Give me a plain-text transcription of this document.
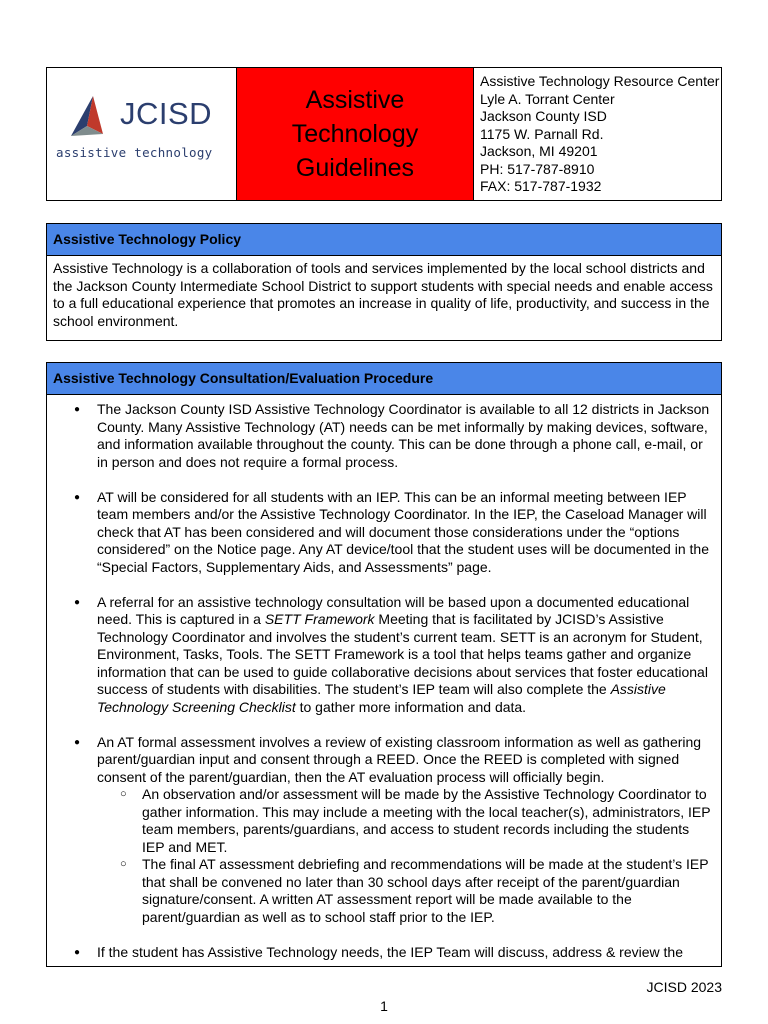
JCISD
assistive technology
Assistive
Technology
Guidelines
Assistive Technology Resource Center
Lyle A. Torrant Center
Jackson County ISD
1175 W. Parnall Rd.
Jackson, MI 49201
PH: 517-787-8910
FAX: 517-787-1932
Assistive Technology Policy
Assistive Technology is a collaboration of tools and services implemented by the local school districts and the Jackson County Intermediate School District to support students with special needs and enable access to a full educational experience that promotes an increase in quality of life, productivity, and success in the school environment.
Assistive Technology Consultation/Evaluation Procedure
● The Jackson County ISD Assistive Technology Coordinator is available to all 12 districts in Jackson County. Many Assistive Technology (AT) needs can be met informally by making devices, software, and information available throughout the county. This can be done through a phone call, e-mail, or in person and does not require a formal process.
● AT will be considered for all students with an IEP. This can be an informal meeting between IEP team members and/or the Assistive Technology Coordinator. In the IEP, the Caseload Manager will check that AT has been considered and will document those considerations under the “options considered” on the Notice page. Any AT device/tool that the student uses will be documented in the “Special Factors, Supplementary Aids, and Assessments” page.
● A referral for an assistive technology consultation will be based upon a documented educational need. This is captured in a SETT Framework Meeting that is facilitated by JCISD’s Assistive Technology Coordinator and involves the student’s current team. SETT is an acronym for Student, Environment, Tasks, Tools. The SETT Framework is a tool that helps teams gather and organize information that can be used to guide collaborative decisions about services that foster educational success of students with disabilities. The student’s IEP team will also complete the Assistive Technology Screening Checklist to gather more information and data.
● An AT formal assessment involves a review of existing classroom information as well as gathering parent/guardian input and consent through a REED. Once the REED is completed with signed consent of the parent/guardian, then the AT evaluation process will officially begin.
○ An observation and/or assessment will be made by the Assistive Technology Coordinator to gather information. This may include a meeting with the local teacher(s), administrators, IEP team members, parents/guardians, and access to student records including the students IEP and MET.
○ The final AT assessment debriefing and recommendations will be made at the student’s IEP that shall be convened no later than 30 school days after receipt of the parent/guardian signature/consent. A written AT assessment report will be made available to the parent/guardian as well as to school staff prior to the IEP.
● If the student has Assistive Technology needs, the IEP Team will discuss, address & review the
JCISD 2023
1
